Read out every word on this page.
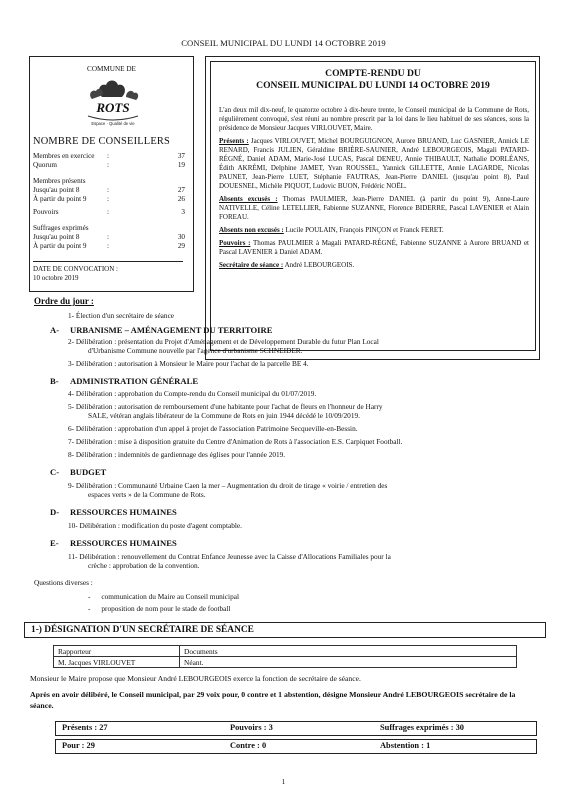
CONSEIL MUNICIPAL DU LUNDI 14 OCTOBRE 2019
COMMUNE DE
ROTS
Espace · Qualité de vie
NOMBRE DE CONSEILLERS
Membres en exercice :	37
Quorum	:	19
Membres présents
Jusqu'au point 8	:	27
À partir du point 9	:	26
Pouvoirs	:	3
Suffrages exprimés
Jusqu'au point 8	:	30
À partir du point 9	:	29
DATE DE CONVOCATION :
10 octobre 2019
COMPTE-RENDU DU
CONSEIL MUNICIPAL DU LUNDI 14 OCTOBRE 2019

L'an deux mil dix-neuf, le quatorze octobre à dix-heure trente, le Conseil municipal de la Commune de Rots, régulièrement convoqué, s'est réuni au nombre prescrit par la loi dans le lieu habituel de ses séances, sous la présidence de Monsieur Jacques VIRLOUVET, Maire.

Présents : Jacques VIRLOUVET, Michel BOURGUIGNON, Aurore BRUAND, Luc GASNIER, Annick LE RENARD, Francis JULIEN, Géraldine BRIÈRE-SAUNIER, André LEBOURGEOIS, Magali PATARD-RÉGNÉ, Daniel ADAM, Marie-José LUCAS, Pascal DENEU, Annie THIBAULT, Nathalie DORLÉANS, Édith AKRÉMI, Delphine JAMET, Yvan ROUSSEL, Yannick GILLETTE, Annie LAGARDE, Nicolas PAUNET, Jean-Pierre LUET, Stéphanie FAUTRAS, Jean-Pierre DANIEL (jusqu'au point 8), Paul DOUESNEL, Michèle PIQUOT, Ludovic BUON, Frédéric NOËL.

Absents excusés : Thomas PAULMIER, Jean-Pierre DANIEL (à partir du point 9), Anne-Laure NATIVELLE, Céline LETELLIER, Fabienne SUZANNE, Florence BIDERRE, Pascal LAVENIER et Alain FOREAU.

Absents non excusés : Lucile POULAIN, François PINÇON et Franck FERET.

Pouvoirs : Thomas PAULMIER à Magali PATARD-RÉGNÉ, Fabienne SUZANNE à Aurore BRUAND et Pascal LAVENIER à Daniel ADAM.

Secrétaire de séance : André LEBOURGEOIS.

Ordre du jour :
1- Élection d'un secrétaire de séance
A- URBANISME – AMÉNAGEMENT DU TERRITOIRE
2- Délibération : présentation du Projet d'Aménagement et de Développement Durable du futur Plan Local
d'Urbanisme Commune nouvelle par l'agence d'urbanisme SCHNEIDER.
3- Délibération : autorisation à Monsieur le Maire pour l'achat de la parcelle BE 4.
B- ADMINISTRATION GÉNÉRALE
4- Délibération : approbation du Compte-rendu du Conseil municipal du 01/07/2019.
5- Délibération : autorisation de remboursement d'une habitante pour l'achat de fleurs en l'honneur de Harry
SALE, vétéran anglais libérateur de la Commune de Rots en juin 1944 décédé le 10/09/2019.
6- Délibération : approbation d'un appel à projet de l'association Patrimoine Secqueville-en-Bessin.
7- Délibération : mise à disposition gratuite du Centre d'Animation de Rots à l'association E.S. Carpiquet Football.
8- Délibération : indemnités de gardiennage des églises pour l'année 2019.
C- BUDGET
9- Délibération : Communauté Urbaine Caen la mer – Augmentation du droit de tirage « voirie / entretien des
espaces verts » de la Commune de Rots.
D- RESSOURCES HUMAINES
10- Délibération : modification du poste d'agent comptable.
E- RESSOURCES HUMAINES
11- Délibération : renouvellement du Contrat Enfance Jeunesse avec la Caisse d'Allocations Familiales pour la
crèche : approbation de la convention.
Questions diverses :
-      communication du Maire au Conseil municipal
-      proposition de nom pour le stade de football
1-) DÉSIGNATION D'UN SECRÉTAIRE DE SÉANCE
Rapporteur	Documents
M. Jacques VIRLOUVET	Néant.
Monsieur le Maire propose que Monsieur André LEBOURGEOIS exerce la fonction de secrétaire de séance.
Après en avoir délibéré, le Conseil municipal, par 29 voix pour, 0 contre et 1 abstention, désigne Monsieur André LEBOURGEOIS secrétaire de la séance.
Présents : 27	Pouvoirs : 3	Suffrages exprimés : 30
Pour : 29	Contre : 0	Abstention : 1
1
